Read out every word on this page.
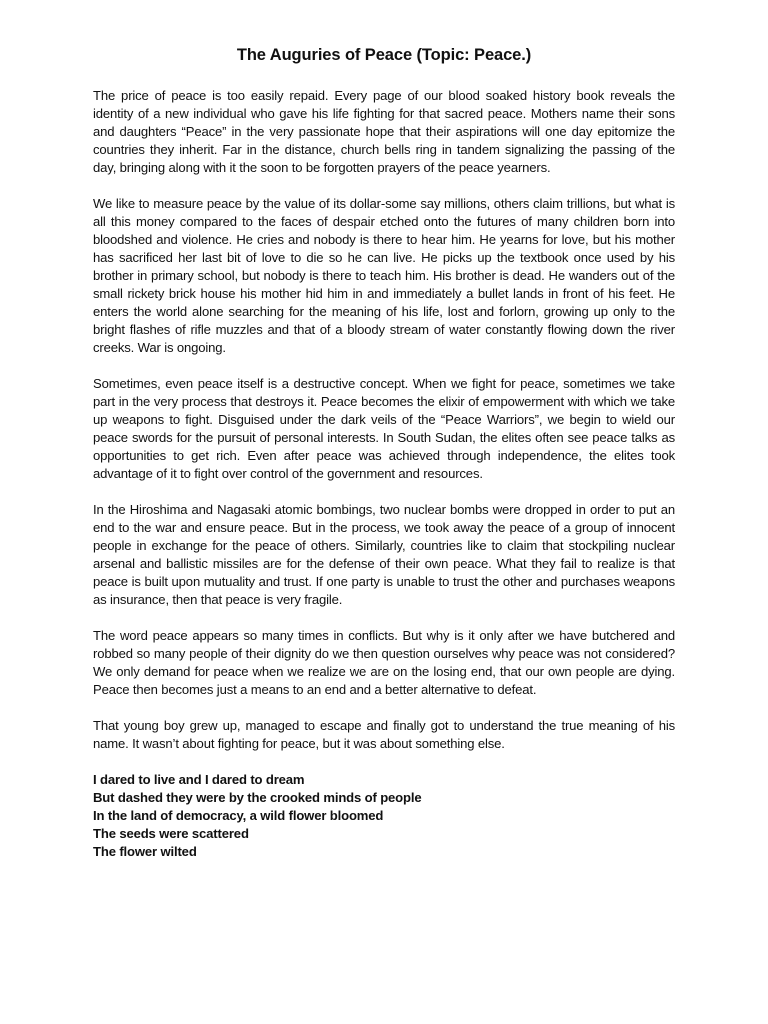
The Auguries of Peace (Topic: Peace.)

The price of peace is too easily repaid. Every page of our blood soaked history book reveals the identity of a new individual who gave his life fighting for that sacred peace. Mothers name their sons and daughters “Peace” in the very passionate hope that their aspirations will one day epitomize the countries they inherit. Far in the distance, church bells ring in tandem signalizing the passing of the day, bringing along with it the soon to be forgotten prayers of the peace yearners.

We like to measure peace by the value of its dollar-some say millions, others claim trillions, but what is all this money compared to the faces of despair etched onto the futures of many children born into bloodshed and violence. He cries and nobody is there to hear him. He yearns for love, but his mother has sacrificed her last bit of love to die so he can live. He picks up the textbook once used by his brother in primary school, but nobody is there to teach him. His brother is dead. He wanders out of the small rickety brick house his mother hid him in and immediately a bullet lands in front of his feet. He enters the world alone searching for the meaning of his life, lost and forlorn, growing up only to the bright flashes of rifle muzzles and that of a bloody stream of water constantly flowing down the river creeks. War is ongoing.

Sometimes, even peace itself is a destructive concept. When we fight for peace, sometimes we take part in the very process that destroys it. Peace becomes the elixir of empowerment with which we take up weapons to fight. Disguised under the dark veils of the “Peace Warriors”, we begin to wield our peace swords for the pursuit of personal interests. In South Sudan, the elites often see peace talks as opportunities to get rich. Even after peace was achieved through independence, the elites took advantage of it to fight over control of the government and resources.

In the Hiroshima and Nagasaki atomic bombings, two nuclear bombs were dropped in order to put an end to the war and ensure peace. But in the process, we took away the peace of a group of innocent people in exchange for the peace of others. Similarly, countries like to claim that stockpiling nuclear arsenal and ballistic missiles are for the defense of their own peace. What they fail to realize is that peace is built upon mutuality and trust. If one party is unable to trust the other and purchases weapons as insurance, then that peace is very fragile.

The word peace appears so many times in conflicts. But why is it only after we have butchered and robbed so many people of their dignity do we then question ourselves why peace was not considered? We only demand for peace when we realize we are on the losing end, that our own people are dying. Peace then becomes just a means to an end and a better alternative to defeat.

That young boy grew up, managed to escape and finally got to understand the true meaning of his name. It wasn’t about fighting for peace, but it was about something else.

I dared to live and I dared to dream
But dashed they were by the crooked minds of people
In the land of democracy, a wild flower bloomed
The seeds were scattered
The flower wilted
